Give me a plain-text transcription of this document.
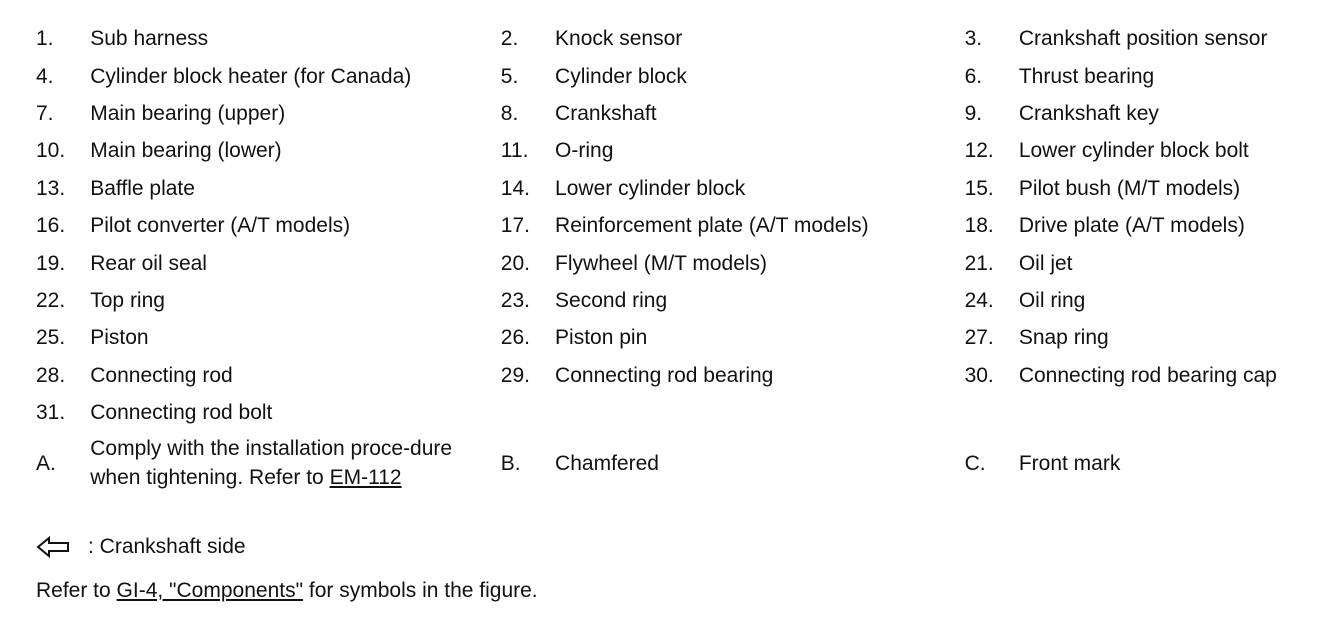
1.	Sub harness	2.	Knock sensor	3.	Crankshaft position sensor
4.	Cylinder block heater (for Canada)	5.	Cylinder block	6.	Thrust bearing
7.	Main bearing (upper)	8.	Crankshaft	9.	Crankshaft key
10.	Main bearing (lower)	11.	O-ring	12.	Lower cylinder block bolt
13.	Baffle plate	14.	Lower cylinder block	15.	Pilot bush (M/T models)
16.	Pilot converter (A/T models)	17.	Reinforcement plate (A/T models)	18.	Drive plate (A/T models)
19.	Rear oil seal	20.	Flywheel (M/T models)	21.	Oil jet
22.	Top ring	23.	Second ring	24.	Oil ring
25.	Piston	26.	Piston pin	27.	Snap ring
28.	Connecting rod	29.	Connecting rod bearing	30.	Connecting rod bearing cap
31.	Connecting rod bolt				
A.	Comply with the installation proce-dure when tightening. Refer to EM-112	B.	Chamfered	C.	Front mark
: Crankshaft side
Refer to GI-4, "Components" for symbols in the figure.
